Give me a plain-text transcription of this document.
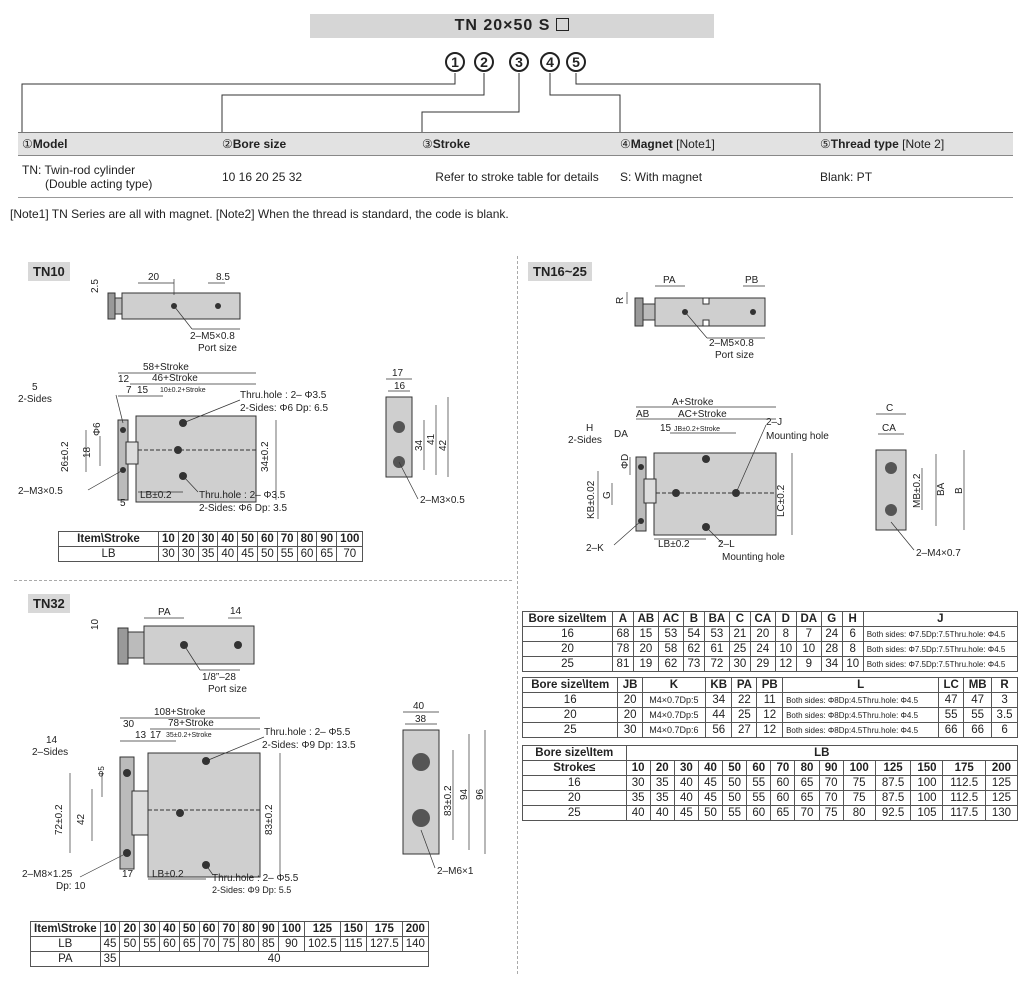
TN 20×50 S
1	2	3	4	5
①Model	②Bore size	③Stroke	④Magnet [Note1]	⑤Thread type [Note 2]

TN: Twin-rod cylinder
(Double acting type)	10 16 20 25 32	Refer to stroke table for details	S: With magnet	Blank: PT
[Note1] TN Series are all with magnet. [Note2] When the thread is standard, the code is blank.
TN10	20	8.5
2.5
2–M5×0.8
Port size
58+Stroke
46+Stroke
12
7 15 10±0.2+Stroke
5
2-Sides
Φ6
26±0.2 18	34±0.2
2–M3×0.5
5
LB±0.2
Thru.hole : 2– Φ3.5
2-Sides: Φ6 Dp: 6.5
Thru.hole : 2– Φ3.5
2-Sides: Φ6 Dp: 3.5
17
16
34
41
42
2–M3×0.5
Item\Stroke	10	20	30	40	50	60	70	80	90	100
LB	30	30	35	40	45	50	55	60	65	70
TN32
PA	14
10
1/8”–28
Port size
108+Stroke
78+Stroke
30
13 17 35±0.2+Stroke
14
2–Sides
Φ5
72±0.2 42	83±0.2
2–M8×1.25
Dp: 10
17 LB±0.2
Thru.hole : 2– Φ5.5
2-Sides: Φ9 Dp: 13.5
Thru.hole : 2– Φ5.5
2-Sides: Φ9 Dp: 5.5
40
38
83±0.2 94 96
2–M6×1
Item\Stroke	10	20	30	40	50	60	70	80	90	100	125	150	175	200
LB	45	50	55	60	65	70	75	80	85	90	102.5	115	127.5	140
PA	35	40												
TN16~25
PA	PB
R
2–M5×0.8
Port size
A+Stroke
AB	AC+Stroke
DA
H
2-Sides
15 JB±0.2+Stroke
2–J
Mounting hole
ΦD
KB±0.02 G	LC±0.2
2–K	LB±0.2	2–L
Mounting hole
C
CA
MB±0.2 BA B
2–M4×0.7
Bore size\Item	A	AB	AC	B	BA	C	CA	D	DA	G	H	J
16	68	15	53	54	53	21	20	8	7	24	6	Both sides: Φ7.5Dp:7.5Thru.hole: Φ4.5
20	78	20	58	62	61	25	24	10	10	28	8	Both sides: Φ7.5Dp:7.5Thru.hole: Φ4.5
25	81	19	62	73	72	30	29	12	9	34	10	Both sides: Φ7.5Dp:7.5Thru.hole: Φ4.5
Bore size\Item	JB	K	KB	PA	PB	L	LC	MB	R
16	20	M4×0.7Dp:5	34	22	11	Both sides: Φ8Dp:4.5Thru.hole: Φ4.5	47	47	3
20	20	M4×0.7Dp:5	44	25	12	Both sides: Φ8Dp:4.5Thru.hole: Φ4.5	55	55	3.5
25	30	M4×0.7Dp:6	56	27	12	Both sides: Φ8Dp:4.5Thru.hole: Φ4.5	66	66	6
Bore size\Item	LB													
Stroke≤	10	20	30	40	50	60	70	80	90	100	125	150	175	200
16	30	35	40	45	50	55	60	65	70	75	87.5	100	112.5	125
20	35	35	40	45	50	55	60	65	70	75	87.5	100	112.5	125
25	40	40	45	50	55	60	65	70	75	80	92.5	105	117.5	130
